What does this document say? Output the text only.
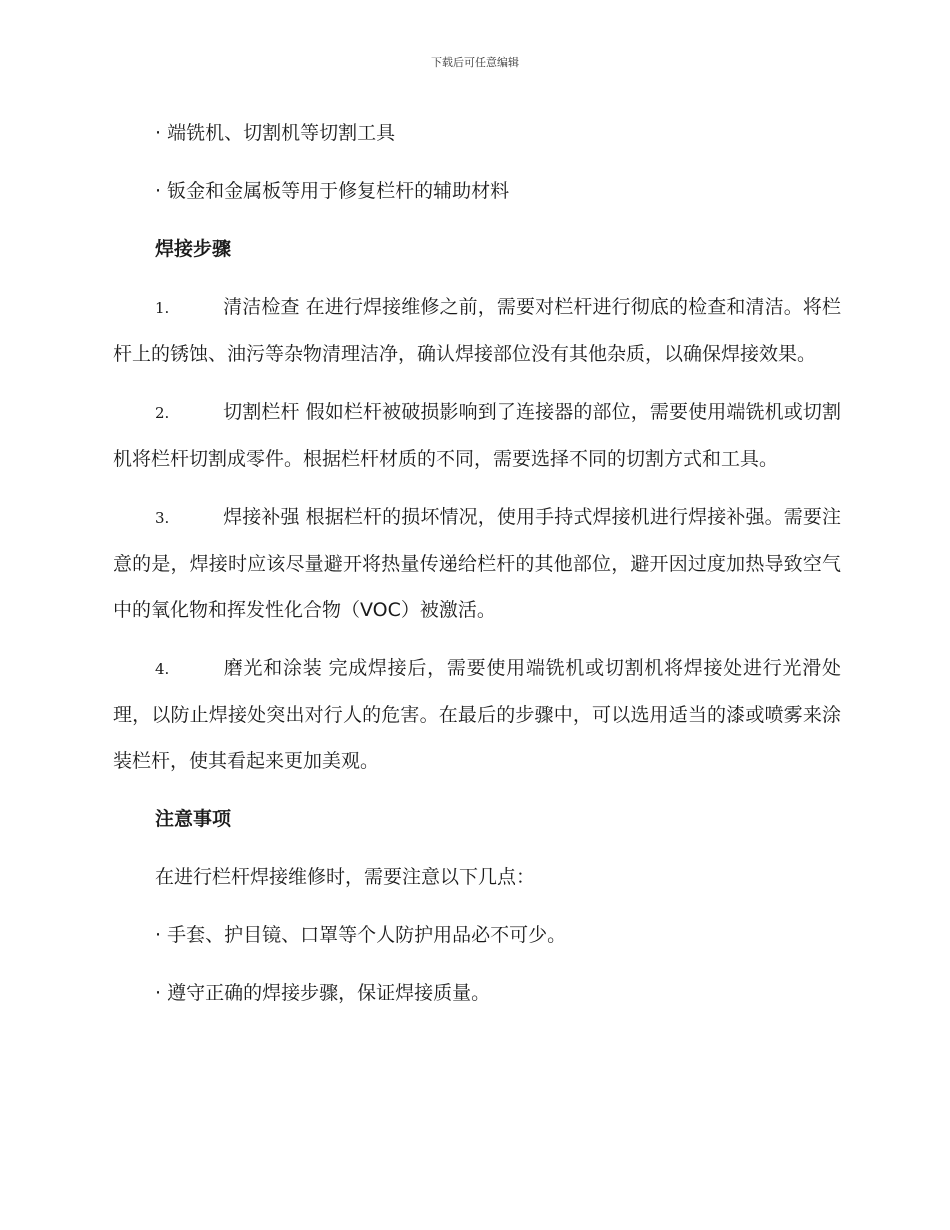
下载后可任意编辑

· 端铣机、切割机等切割工具

· 钣金和金属板等用于修复栏杆的辅助材料

焊接步骤

1.	清洁检查 在进行焊接维修之前，需要对栏杆进行彻底的检查和清洁。将栏杆上的锈蚀、油污等杂物清理洁净，确认焊接部位没有其他杂质，以确保焊接效果。

2.	切割栏杆 假如栏杆被破损影响到了连接器的部位，需要使用端铣机或切割机将栏杆切割成零件。根据栏杆材质的不同，需要选择不同的切割方式和工具。

3.	焊接补强 根据栏杆的损坏情况，使用手持式焊接机进行焊接补强。需要注意的是，焊接时应该尽量避开将热量传递给栏杆的其他部位，避开因过度加热导致空气中的氧化物和挥发性化合物（VOC）被激活。

4.	磨光和涂装 完成焊接后，需要使用端铣机或切割机将焊接处进行光滑处理，以防止焊接处突出对行人的危害。在最后的步骤中，可以选用适当的漆或喷雾来涂装栏杆，使其看起来更加美观。

注意事项

在进行栏杆焊接维修时，需要注意以下几点：

· 手套、护目镜、口罩等个人防护用品必不可少。

· 遵守正确的焊接步骤，保证焊接质量。
